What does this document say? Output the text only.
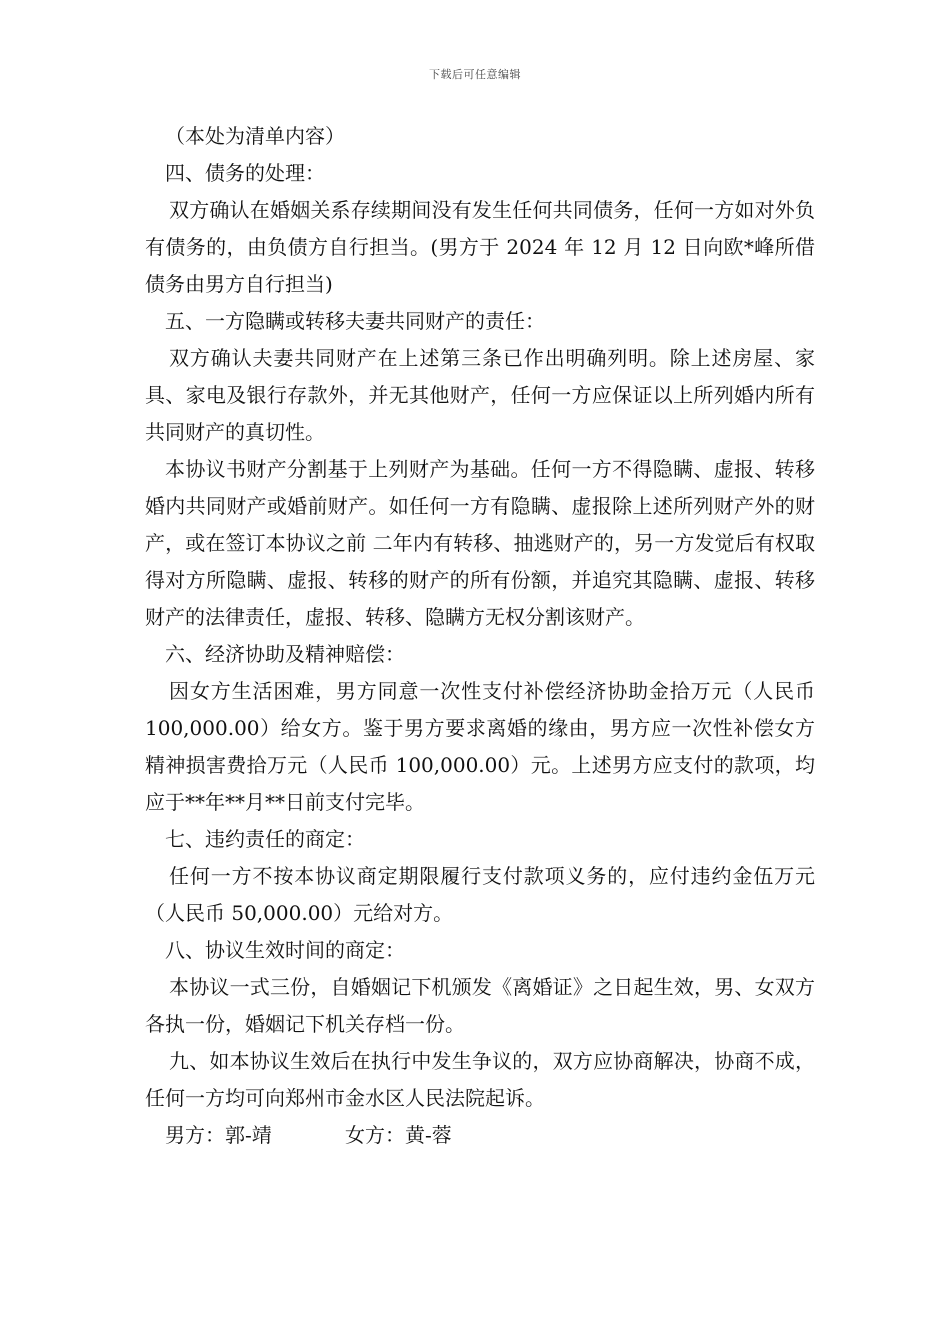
下载后可任意编辑

（本处为清单内容）

四、债务的处理：

双方确认在婚姻关系存续期间没有发生任何共同债务，任何一方如对外负有债务的，由负债方自行担当。(男方于 2024 年 12 月 12 日向欧*峰所借债务由男方自行担当)

五、一方隐瞒或转移夫妻共同财产的责任：

双方确认夫妻共同财产在上述第三条已作出明确列明。除上述房屋、家具、家电及银行存款外，并无其他财产，任何一方应保证以上所列婚内所有共同财产的真切性。

本协议书财产分割基于上列财产为基础。任何一方不得隐瞒、虚报、转移婚内共同财产或婚前财产。如任何一方有隐瞒、虚报除上述所列财产外的财产，或在签订本协议之前 二年内有转移、抽逃财产的，另一方发觉后有权取得对方所隐瞒、虚报、转移的财产的所有份额，并追究其隐瞒、虚报、转移财产的法律责任，虚报、转移、隐瞒方无权分割该财产。

六、经济协助及精神赔偿：

因女方生活困难，男方同意一次性支付补偿经济协助金拾万元（人民币 100,000.00）给女方。鉴于男方要求离婚的缘由，男方应一次性补偿女方精神损害费拾万元（人民币 100,000.00）元。上述男方应支付的款项，均应于**年**月**日前支付完毕。

七、违约责任的商定：

任何一方不按本协议商定期限履行支付款项义务的，应付违约金伍万元（人民币 50,000.00）元给对方。

八、协议生效时间的商定：

本协议一式三份，自婚姻记下机颁发《离婚证》之日起生效，男、女双方各执一份，婚姻记下机关存档一份。

九、如本协议生效后在执行中发生争议的，双方应协商解决，协商不成，任何一方均可向郑州市金水区人民法院起诉。

男方：郭-靖	女方：黄-蓉
